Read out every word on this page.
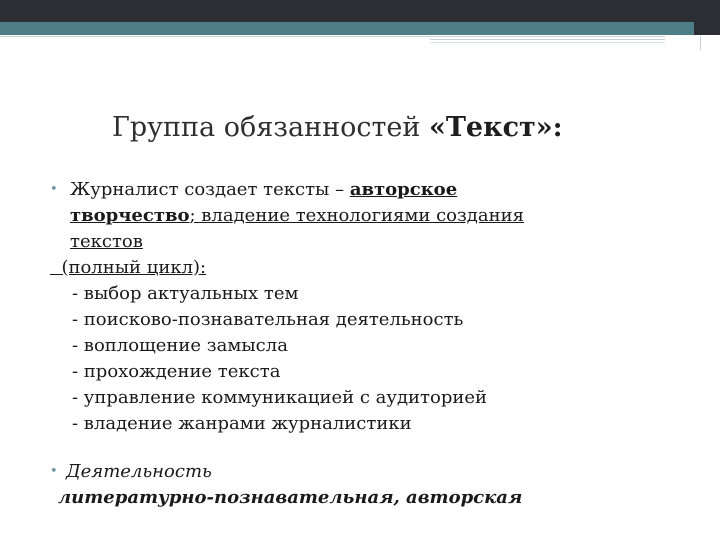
Группа обязанностей «Текст»:
• Журналист создает тексты – авторское
творчество; владение технологиями создания
текстов
(полный цикл):
- выбор актуальных тем
- поисково-познавательная деятельность
- воплощение замысла
- прохождение текста
- управление коммуникацией с аудиторией
- владение жанрами журналистики
• Деятельность
литературно-познавательная, авторская
